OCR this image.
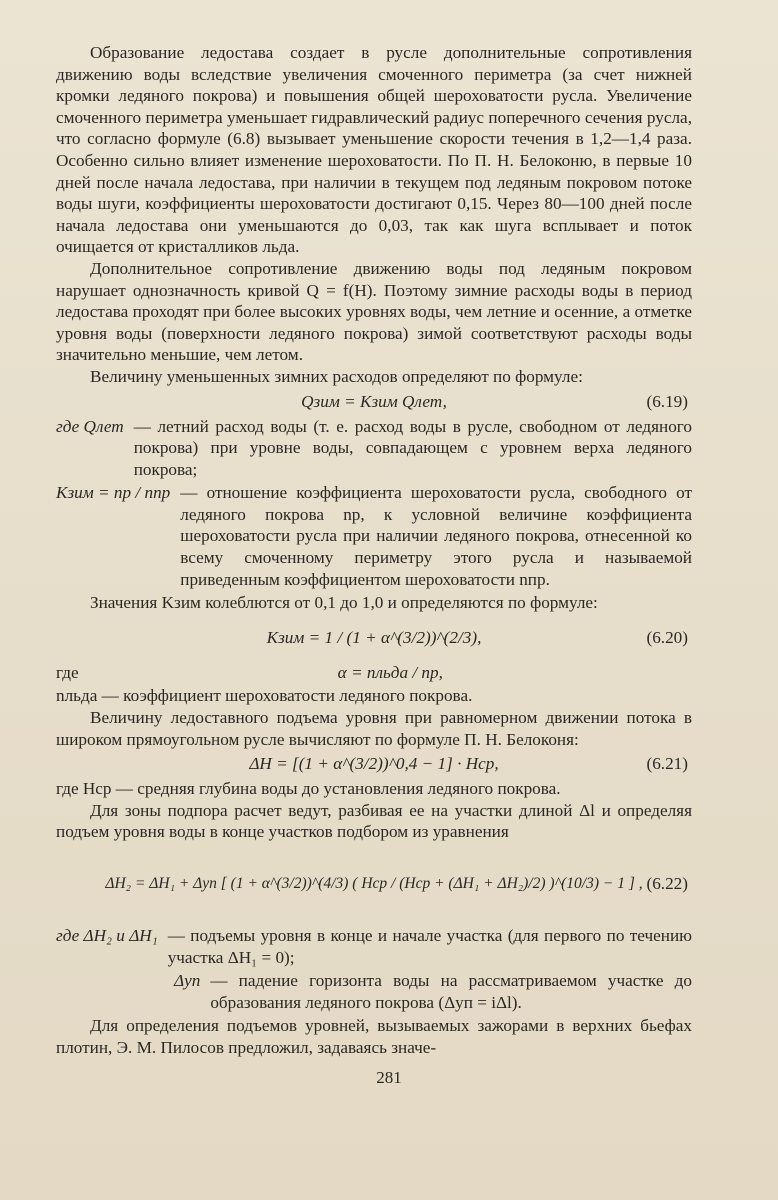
Образование ледостава создает в русле дополнительные сопротивления движению воды вследствие увеличения смоченного периметра (за счет нижней кромки ледяного покрова) и повышения общей шероховатости русла. Увеличение смоченного периметра уменьшает гидравлический радиус поперечного сечения русла, что согласно формуле (6.8) вызывает уменьшение скорости течения в 1,2—1,4 раза. Особенно сильно влияет изменение шероховатости. По П. Н. Белоконю, в первые 10 дней после начала ледостава, при наличии в текущем под ледяным покровом потоке воды шуги, коэффициенты шероховатости достигают 0,15. Через 80—100 дней после начала ледостава они уменьшаются до 0,03, так как шуга всплывает и поток очищается от кристалликов льда.

Дополнительное сопротивление движению воды под ледяным покровом нарушает однозначность кривой Q = f(H). Поэтому зимние расходы воды в период ледостава проходят при более высоких уровнях воды, чем летние и осенние, а отметке уровня воды (поверхности ледяного покрова) зимой соответствуют расходы воды значительно меньшие, чем летом.

Величину уменьшенных зимних расходов определяют по формуле:

Qзим = Kзим Qлет,	(6.19)
где Qлет — летний расход воды (т. е. расход воды в русле, свободном от ледяного покрова) при уровне воды, совпадающем с уровнем верха ледяного покрова;
Kзим = nр / nпр — отношение коэффициента шероховатости русла, свободного от ледяного покрова nр, к условной величине коэффициента шероховатости русла при наличии ледяного покрова, отнесенной ко всему смоченному периметру этого русла и называемой приведенным коэффициентом шероховатости nпр.

Значения Kзим колеблются от 0,1 до 1,0 и определяются по формуле:

Kзим = 1 / (1 + α^(3/2))^(2/3),	(6.20)
где	α = nльда / nр,

nльда — коэффициент шероховатости ледяного покрова.

Величину ледоставного подъема уровня при равномерном движении потока в широком прямоугольном русле вычисляют по формуле П. Н. Белоконя:

ΔH = [(1 + α^(3/2))^0,4 − 1] · Hср,	(6.21)

где Hср — средняя глубина воды до установления ледяного покрова.

Для зоны подпора расчет ведут, разбивая ее на участки длиной Δl и определяя подъем уровня воды в конце участков подбором из уравнения

ΔH₂ = ΔH₁ + Δyп [ (1 + α^(3/2))^(4/3) ( Hср / (Hср + (ΔH₁ + ΔH₂)/2) )^(10/3) − 1 ] , (6.22)
где ΔH₂ и ΔH₁ — подъемы уровня в конце и начале участка (для первого по течению участка ΔH₁ = 0);
Δyп — падение горизонта воды на рассматриваемом участке до образования ледяного покрова (Δyп = iΔl).

Для определения подъемов уровней, вызываемых зажорами в верхних бьефах плотин, Э. М. Пилосов предложил, задаваясь значе-

281
